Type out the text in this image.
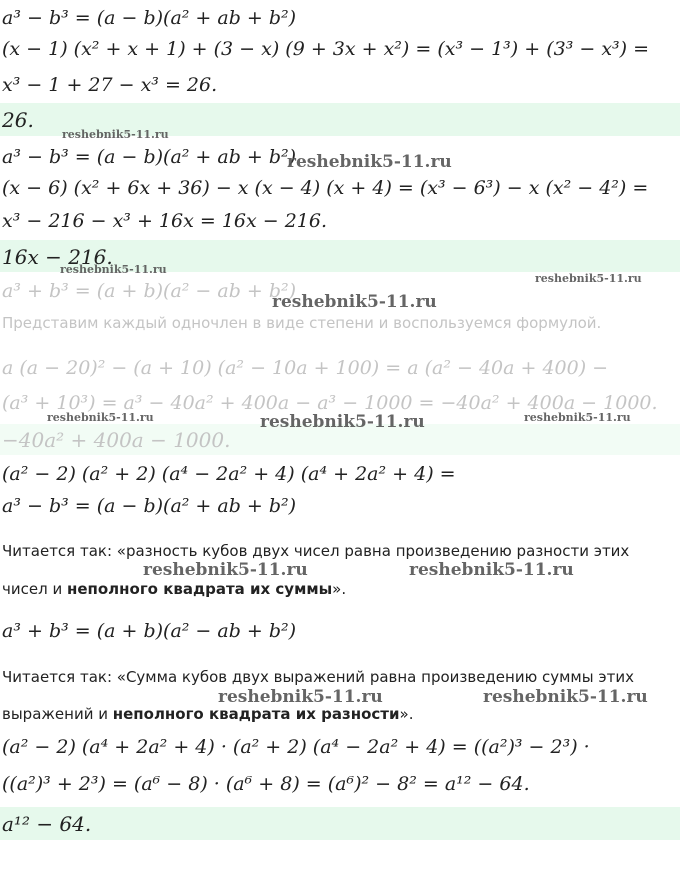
a³ − b³ = (a − b)(a² + ab + b²)
(x − 1) (x² + x + 1) + (3 − x) (9 + 3x + x²) = (x³ − 1³) + (3³ − x³) =
x³ − 1 + 27 − x³ = 26.
26.
a³ − b³ = (a − b)(a² + ab + b²)
(x − 6) (x² + 6x + 36) − x (x − 4) (x + 4) = (x³ − 6³) − x (x² − 4²) =
x³ − 216 − x³ + 16x = 16x − 216.
16x − 216.
a³ + b³ = (a + b)(a² − ab + b²)
Представим каждый одночлен в виде степени и воспользуемся формулой.
a (a − 20)² − (a + 10) (a² − 10a + 100) = a (a² − 40a + 400) −
(a³ + 10³) = a³ − 40a² + 400a − a³ − 1000 = −40a² + 400a − 1000.
−40a² + 400a − 1000.
(a² − 2) (a² + 2) (a⁴ − 2a² + 4) (a⁴ + 2a² + 4) =
a³ − b³ = (a − b)(a² + ab + b²)
Читается так: «разность кубов двух чисел равна произведению разности этих
чисел и неполного квадрата их суммы».
a³ + b³ = (a + b)(a² − ab + b²)
Читается так: «Сумма кубов двух выражений равна произведению суммы этих
выражений и неполного квадрата их разности».
(a² − 2) (a⁴ + 2a² + 4) · (a² + 2) (a⁴ − 2a² + 4) = ((a²)³ − 2³) ·
((a²)³ + 2³) = (a⁶ − 8) · (a⁶ + 8) = (a⁶)² − 8² = a¹² − 64.
a¹² − 64.
reshebnik5-11.ru
reshebnik5-11.ru
reshebnik5-11.ru
reshebnik5-11.ru
reshebnik5-11.ru
reshebnik5-11.ru	reshebnik5-11.ru	reshebnik5-11.ru
reshebnik5-11.ru	reshebnik5-11.ru
reshebnik5-11.ru	reshebnik5-11.ru
